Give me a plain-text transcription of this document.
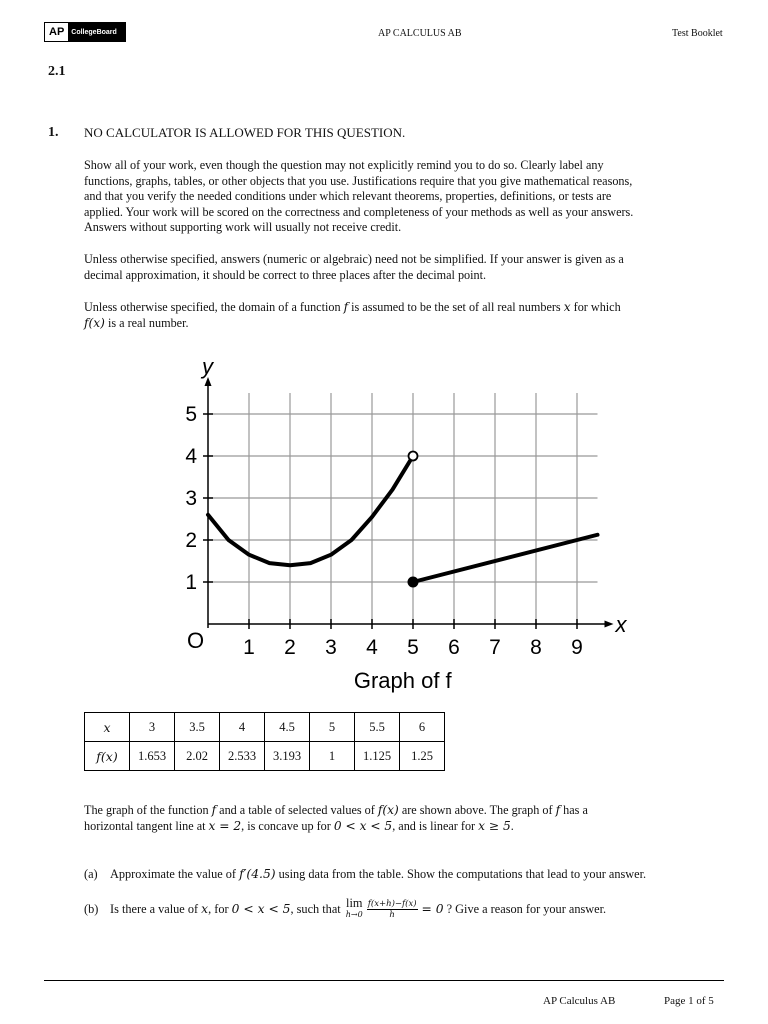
AP	CollegeBoard	AP CALCULUS AB	Test Booklet
2.1
1. NO CALCULATOR IS ALLOWED FOR THIS QUESTION.
Show all of your work, even though the question may not explicitly remind you to do so. Clearly label any
functions, graphs, tables, or other objects that you use. Justifications require that you give mathematical reasons,
and that you verify the needed conditions under which relevant theorems, properties, definitions, or tests are
applied. Your work will be scored on the correctness and completeness of your methods as well as your answers.
Answers without supporting work will usually not receive credit.
Unless otherwise specified, answers (numeric or algebraic) need not be simplified. If your answer is given as a
decimal approximation, it should be correct to three places after the decimal point.
Unless otherwise specified, the domain of a function f is assumed to be the set of all real numbers x for which
f(x) is a real number.
1 2 3 4 5 6 7 8 9
1
2
3
4
5
O
x
y
Graph of f
x	3	3.5	4	4.5	5	5.5	6
f(x)	1.653	2.02	2.533	3.193	1	1.125	1.25
The graph of the function f and a table of selected values of f(x) are shown above. The graph of f has a
horizontal tangent line at x = 2, is concave up for 0 < x < 5, and is linear for x ≥ 5.
(a) Approximate the value of f′(4.5) using data from the table. Show the computations that lead to your answer.
(b) Is there a value of x , for 0 < x < 5 , such that lim
$h\to 0 \frac{f(x+h)-f(x)}{h} = 0$ ? Give a reason for your answer.
AP Calculus AB	Page 1 of 5
